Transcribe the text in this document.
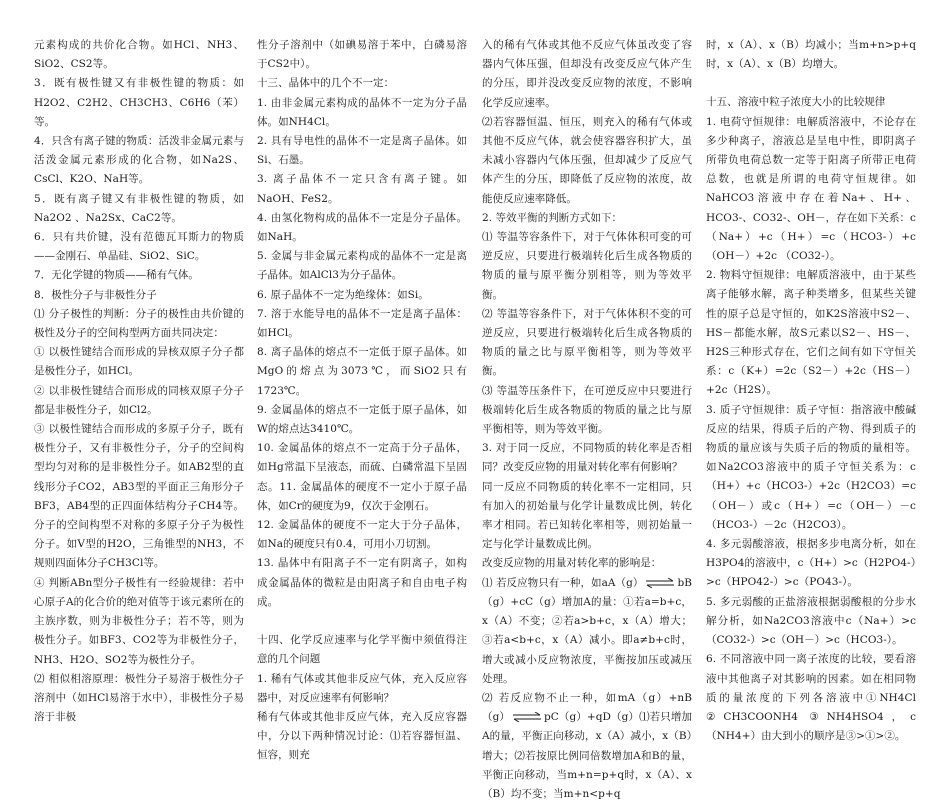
元素构成的共价化合物。如HCl、NH3、SiO2、CS2等。

3．既有极性键又有非极性键的物质：如H2O2、C2H2、CH3CH3、C6H6（苯）等。

4．只含有离子键的物质：活泼非金属元素与活泼金属元素形成的化合物，如Na2S、CsCl、K2O、NaH等。

5．既有离子键又有非极性键的物质，如Na2O2 、Na2Sx、CaC2等。

6．只有共价键，没有范德瓦耳斯力的物质——金刚石、单晶硅、SiO2、SiC。

7．无化学键的物质——稀有气体。

8．极性分子与非极性分子

⑴ 分子极性的判断：分子的极性由共价键的极性及分子的空间构型两方面共同决定：

① 以极性键结合而形成的异核双原子分子都是极性分子，如HCl。

② 以非极性键结合而形成的同核双原子分子都是非极性分子，如Cl2。

③ 以极性键结合而形成的多原子分子，既有极性分子，又有非极性分子，分子的空间构型均匀对称的是非极性分子。如AB2型的直线形分子CO2，AB3型的平面正三角形分子BF3，AB4型的正四面体结构分子CH4等。分子的空间构型不对称的多原子分子为极性分子。如V型的H2O，三角锥型的NH3，不规则四面体分子CH3Cl等。

④ 判断ABn型分子极性有一经验规律：若中心原子A的化合价的绝对值等于该元素所在的主族序数，则为非极性分子；若不等，则为极性分子。如BF3、CO2等为非极性分子，NH3、H2O、SO2等为极性分子。

⑵ 相似相溶原理：极性分子易溶于极性分子溶剂中（如HCl易溶于水中），非极性分子易溶于非极

性分子溶剂中（如碘易溶于苯中，白磷易溶于CS2中）。

十三、晶体中的几个不一定：

1. 由非金属元素构成的晶体不一定为分子晶体。如NH4Cl。

2. 具有导电性的晶体不一定是离子晶体。如Si、石墨。

3. 离子晶体不一定只含有离子键。如NaOH、FeS2。

4. 由氢化物构成的晶体不一定是分子晶体。如NaH。

5. 金属与非金属元素构成的晶体不一定是离子晶体。如AlCl3为分子晶体。

6. 原子晶体不一定为绝缘体：如Si。

7. 溶于水能导电的晶体不一定是离子晶体：如HCl。

8. 离子晶体的熔点不一定低于原子晶体。如MgO的熔点为3073℃，而SiO2只有1723℃。

9. 金属晶体的熔点不一定低于原子晶体，如W的熔点达3410℃。

10. 金属晶体的熔点不一定高于分子晶体，如Hg常温下呈液态，而硫、白磷常温下呈固态。11. 金属晶体的硬度不一定小于原子晶体，如Cr的硬度为9，仅次于金刚石。

12. 金属晶体的硬度不一定大于分子晶体，如Na的硬度只有0.4，可用小刀切割。

13. 晶体中有阳离子不一定有阴离子，如构成金属晶体的微粒是由阳离子和自由电子构成。

十四、化学反应速率与化学平衡中须值得注意的几个问题

1. 稀有气体或其他非反应气体，充入反应容器中，对反应速率有何影响？

稀有气体或其他非反应气体，充入反应容器中，分以下两种情况讨论：⑴若容器恒温、恒容，则充

入的稀有气体或其他不反应气体虽改变了容器内气体压强，但却没有改变反应气体产生的分压，即并没改变反应物的浓度，不影响化学反应速率。

⑵若容器恒温、恒压，则充入的稀有气体或其他不反应气体，就会使容器容积扩大，虽未减小容器内气体压强，但却减少了反应气体产生的分压，即降低了反应物的浓度，故能使反应速率降低。

2. 等效平衡的判断方式如下：

⑴ 等温等容条件下，对于气体体积可变的可逆反应，只要进行极端转化后生成各物质的物质的量与原平衡分别相等，则为等效平衡。

⑵ 等温等容条件下，对于气体体积不变的可逆反应，只要进行极端转化后生成各物质的物质的量之比与原平衡相等，则为等效平衡。

⑶ 等温等压条件下，在可逆反应中只要进行极端转化后生成各物质的物质的量之比与原平衡相等，则为等效平衡。

3. 对于同一反应，不同物质的转化率是否相同？改变反应物的用量对转化率有何影响？

同一反应不同物质的转化率不一定相同，只有加入的初始量与化学计量数成比例，转化率才相同。若已知转化率相等，则初始量一定与化学计量数成比例。

改变反应物的用量对转化率的影响是：

⑴ 若反应物只有一种，如aA（g） ⇌ bB（g）+cC（g）增加A的量：①若a=b+c，x（A）不变；②若a>b+c，x（A）增大；③若a<b+c，x（A）减小。即a≠b+c时，增大或减小反应物浓度，平衡按加压或减压处理。

⑵ 若反应物不止一种，如mA（g）+nB（g） ⇌ pC（g）+qD（g）⑴若只增加A的量，平衡正向移动，x（A）减小，x（B）增大；⑵若按原比例同倍数增加A和B的量，平衡正向移动，当m+n=p+q时，x（A）、x（B）均不变；当m+n<p+q

时，x（A）、x（B）均减小；当m+n>p+q时，x（A）、x（B）均增大。

十五、溶液中粒子浓度大小的比较规律

1. 电荷守恒规律：电解质溶液中，不论存在多少种离子，溶液总是呈电中性，即阴离子所带负电荷总数一定等于阳离子所带正电荷总数，也就是所谓的电荷守恒规律。如NaHCO3溶液中存在着Na+、H+、HCO3-、CO32-、OH－，存在如下关系：c（Na+）+c（H+）=c（HCO3-）+c（OH－）+2c （CO32-）。

2. 物料守恒规律：电解质溶液中，由于某些离子能够水解，离子种类增多，但某些关键性的原子总是守恒的，如K2S溶液中S2－、HS－都能水解，故S元素以S2－、HS－、H2S三种形式存在，它们之间有如下守恒关系：c（K+）=2c（S2－）+2c（HS－）+2c（H2S）。

3. 质子守恒规律：质子守恒：指溶液中酸碱反应的结果，得质子后的产物、得到质子的物质的量应该与失质子后的物质的量相等。如Na2CO3溶液中的质子守恒关系为：c（H+）+c（HCO3-）+2c（H2CO3）=c（OH－）或c（H+）=c（OH－）－c（HCO3-）－2c（H2CO3）。

4. 多元弱酸溶液，根据多步电离分析，如在H3PO4的溶液中，c（H+）>c（H2PO4-）>c（HPO42-）>c（PO43-）。

5. 多元弱酸的正盐溶液根据弱酸根的分步水解分析，如Na2CO3溶液中c（Na+）>c（CO32-）>c（OH－）>c（HCO3-）。

6. 不同溶液中同一离子浓度的比较，要看溶液中其他离子对其影响的因素。如在相同物质的量浓度的下列各溶液中①NH4Cl ②CH3COONH4 ③NH4HSO4，c（NH4+）由大到小的顺序是③>①>②。
